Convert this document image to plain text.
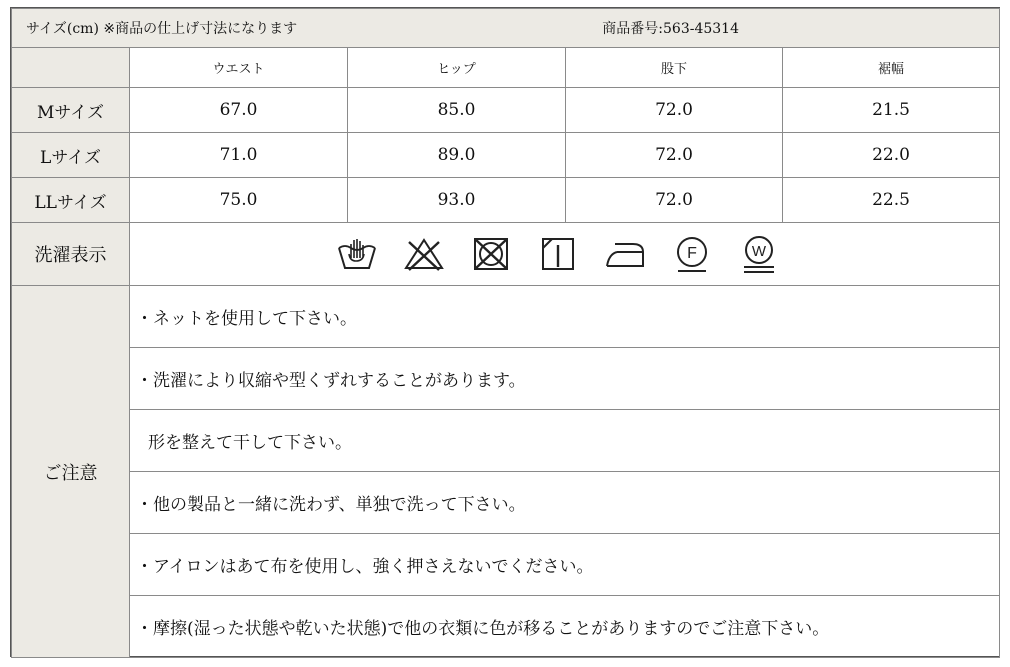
サイズ(cm) ※商品の仕上げ寸法になります 商品番号:563-45314				

	ウエスト	ヒップ	股下	裾幅
Mサイズ	67.0	85.0	72.0	21.5
Lサイズ	71.0	89.0	72.0	22.0
LLサイズ	75.0	93.0	72.0	22.5
洗濯表示	F W			

ご注意	・ネットを使用して下さい。			

	・洗濯により収縮や型くずれすることがあります。			

	形を整えて干して下さい。			

	・他の製品と一緒に洗わず、単独で洗って下さい。			

	・アイロンはあて布を使用し、強く押さえないでください。			

	・摩擦(湿った状態や乾いた状態)で他の衣類に色が移ることがありますのでご注意下さい。			
